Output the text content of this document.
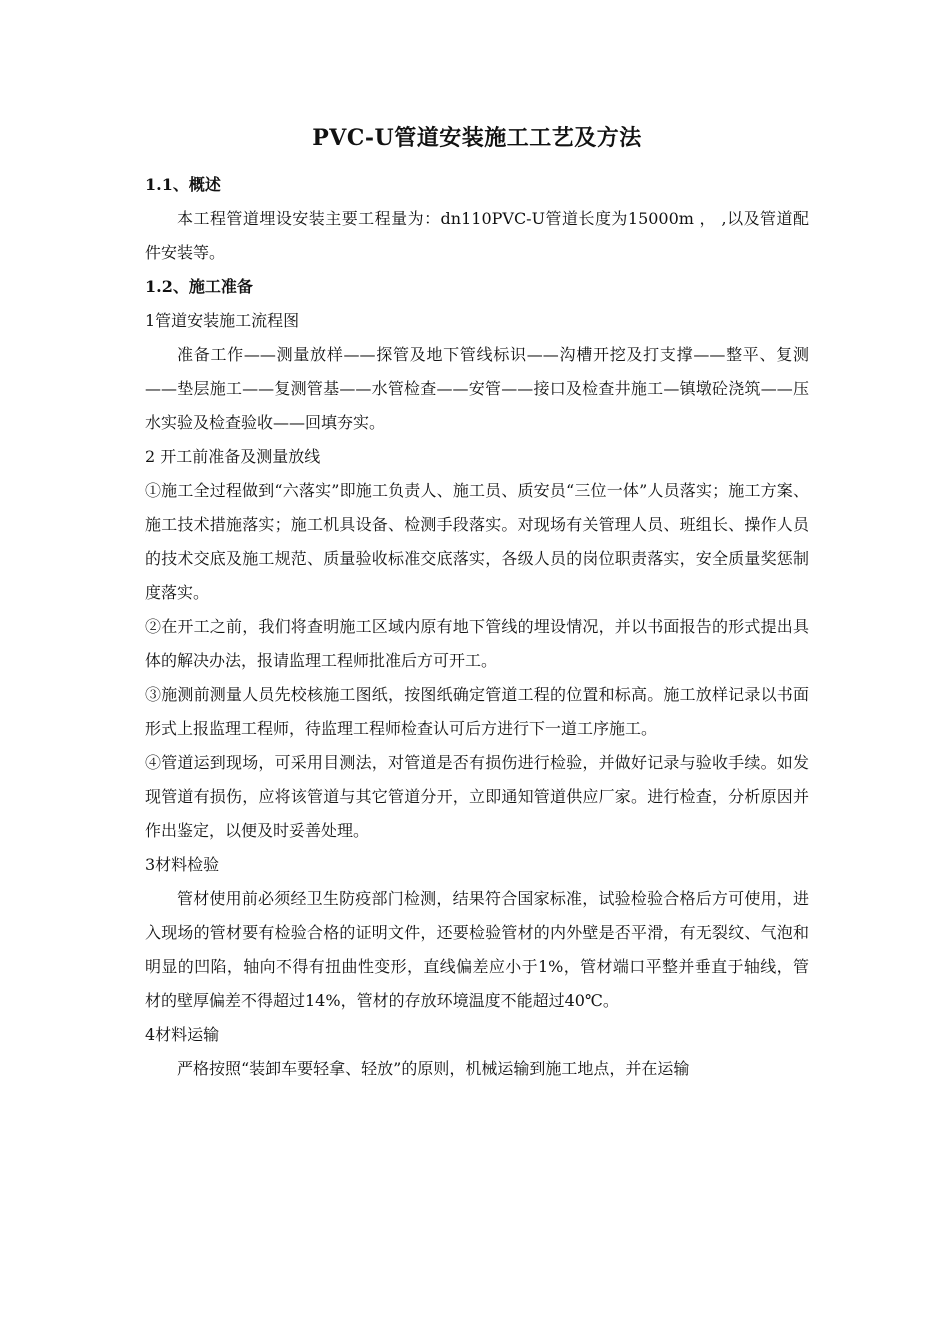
PVC-U管道安装施工工艺及方法
1.1、概述

本工程管道埋设安装主要工程量为：dn110PVC-U管道长度为15000m ， ,以及管道配件安装等。

1.2、施工准备

1管道安装施工流程图

准备工作——测量放样——探管及地下管线标识——沟槽开挖及打支撑——整平、复测——垫层施工——复测管基——水管检查——安管——接口及检查井施工—镇墩砼浇筑——压水实验及检查验收——回填夯实。

2 开工前准备及测量放线

①施工全过程做到“六落实”即施工负责人、施工员、质安员“三位一体”人员落实；施工方案、施工技术措施落实；施工机具设备、检测手段落实。对现场有关管理人员、班组长、操作人员的技术交底及施工规范、质量验收标准交底落实，各级人员的岗位职责落实，安全质量奖惩制度落实。

②在开工之前，我们将查明施工区域内原有地下管线的埋设情况，并以书面报告的形式提出具体的解决办法，报请监理工程师批准后方可开工。

③施测前测量人员先校核施工图纸，按图纸确定管道工程的位置和标高。施工放样记录以书面形式上报监理工程师，待监理工程师检查认可后方进行下一道工序施工。

④管道运到现场，可采用目测法，对管道是否有损伤进行检验，并做好记录与验收手续。如发现管道有损伤，应将该管道与其它管道分开，立即通知管道供应厂家。进行检查，分析原因并作出鉴定，以便及时妥善处理。

3材料检验

管材使用前必须经卫生防疫部门检测，结果符合国家标准，试验检验合格后方可使用，进入现场的管材要有检验合格的证明文件，还要检验管材的内外壁是否平滑，有无裂纹、气泡和明显的凹陷，轴向不得有扭曲性变形，直线偏差应小于1%，管材端口平整并垂直于轴线，管材的壁厚偏差不得超过14%，管材的存放环境温度不能超过40℃。

4材料运输

严格按照“装卸车要轻拿、轻放”的原则，机械运输到施工地点，并在运输
